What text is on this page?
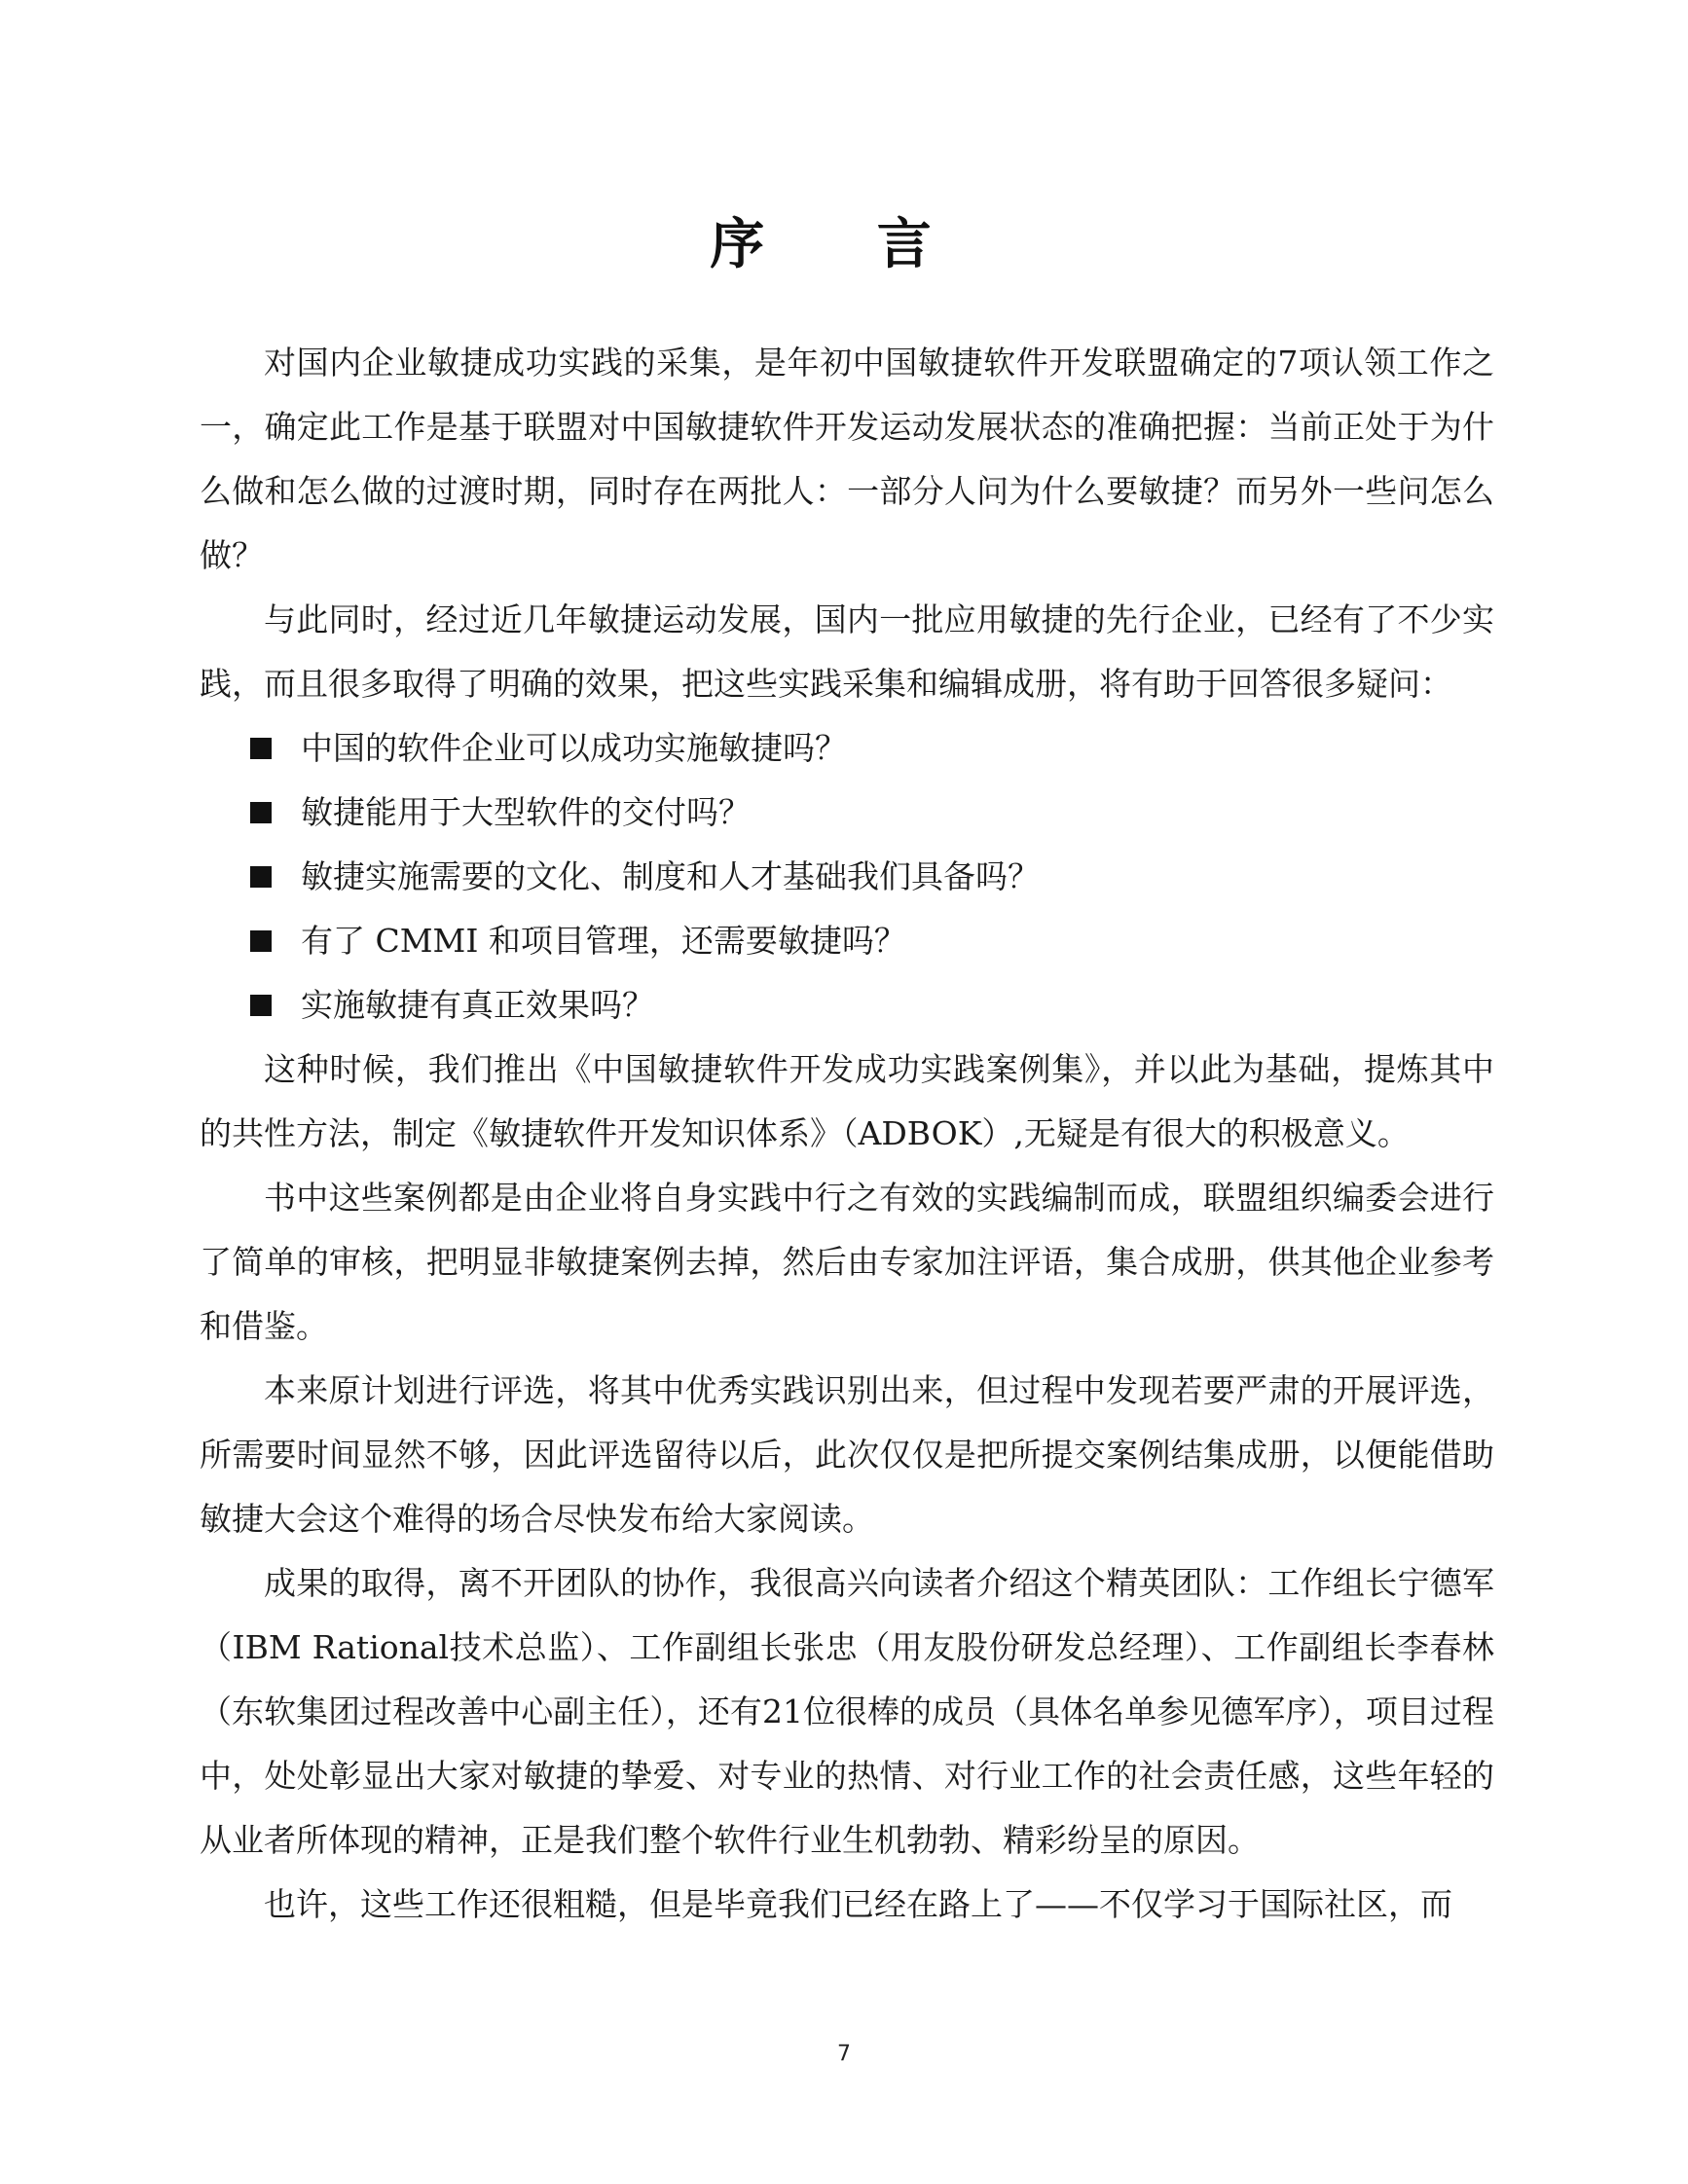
序 言

对国内企业敏捷成功实践的采集，是年初中国敏捷软件开发联盟确定的7项认领工作之一，确定此工作是基于联盟对中国敏捷软件开发运动发展状态的准确把握：当前正处于为什么做和怎么做的过渡时期，同时存在两批人：一部分人问为什么要敏捷？而另外一些问怎么做？

与此同时，经过近几年敏捷运动发展，国内一批应用敏捷的先行企业，已经有了不少实践，而且很多取得了明确的效果，把这些实践采集和编辑成册，将有助于回答很多疑问：

中国的软件企业可以成功实施敏捷吗？
敏捷能用于大型软件的交付吗？
敏捷实施需要的文化、制度和人才基础我们具备吗？
有了 CMMI 和项目管理，还需要敏捷吗？
实施敏捷有真正效果吗？

这种时候，我们推出《中国敏捷软件开发成功实践案例集》，并以此为基础，提炼其中的共性方法，制定《敏捷软件开发知识体系》（ADBOK）,无疑是有很大的积极意义。

书中这些案例都是由企业将自身实践中行之有效的实践编制而成，联盟组织编委会进行了简单的审核，把明显非敏捷案例去掉，然后由专家加注评语，集合成册，供其他企业参考和借鉴。

本来原计划进行评选，将其中优秀实践识别出来，但过程中发现若要严肃的开展评选，所需要时间显然不够，因此评选留待以后，此次仅仅是把所提交案例结集成册，以便能借助敏捷大会这个难得的场合尽快发布给大家阅读。

成果的取得，离不开团队的协作，我很高兴向读者介绍这个精英团队：工作组长宁德军（IBM Rational技术总监）、工作副组长张忠（用友股份研发总经理）、工作副组长李春林（东软集团过程改善中心副主任），还有21位很棒的成员（具体名单参见德军序），项目过程中，处处彰显出大家对敏捷的挚爱、对专业的热情、对行业工作的社会责任感，这些年轻的从业者所体现的精神，正是我们整个软件行业生机勃勃、精彩纷呈的原因。

也许，这些工作还很粗糙，但是毕竟我们已经在路上了——不仅学习于国际社区，而

7
